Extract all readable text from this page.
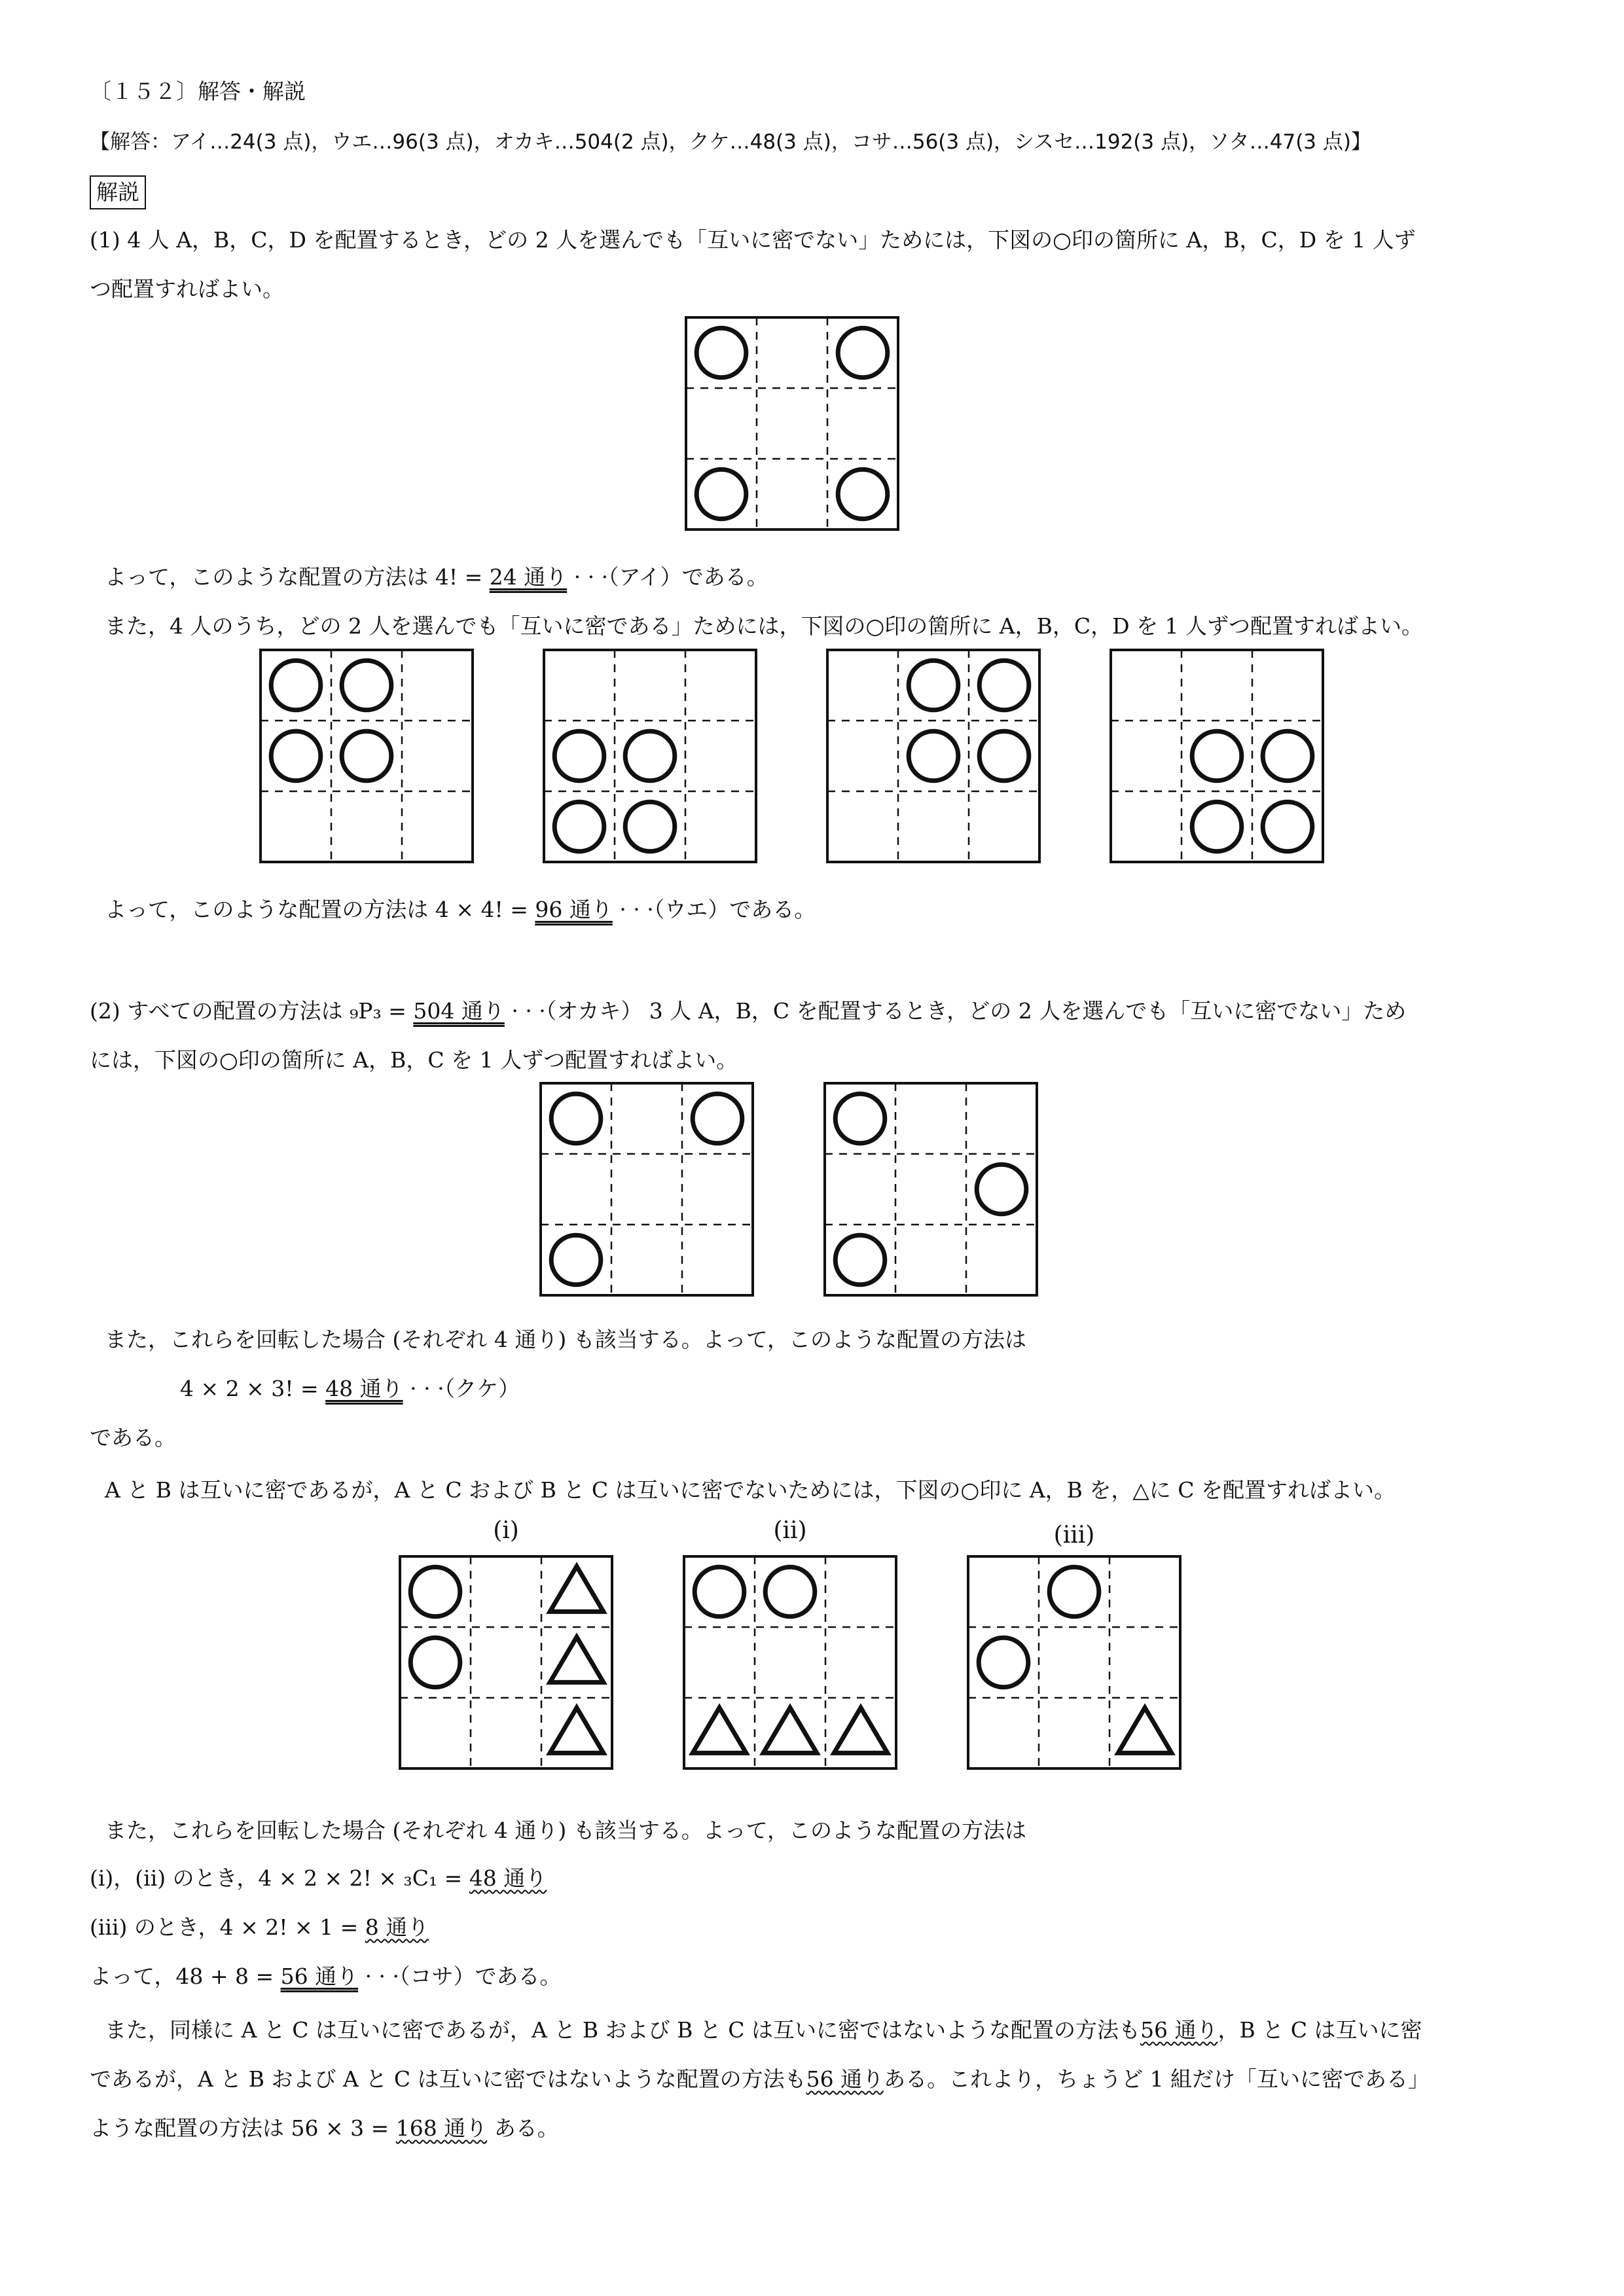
〔１５２〕解答・解説
【解答：アイ…24(3 点)，ウエ…96(3 点)，オカキ…504(2 点)，クケ…48(3 点)，コサ…56(3 点)，シスセ…192(3 点)，ソタ…47(3 点)】
解説
(1) 4 人 A，B，C，D を配置するとき，どの 2 人を選んでも「互いに密でない」ためには，下図の○印の箇所に A，B，C，D を 1 人ず
つ配置すればよい。
よって，このような配置の方法は 4! = 24 通り · · ·（アイ）である。
また，4 人のうち，どの 2 人を選んでも「互いに密である」ためには，下図の○印の箇所に A，B，C，D を 1 人ずつ配置すればよい。
よって，このような配置の方法は 4 × 4! = 96 通り · · ·（ウエ）である。
(2) すべての配置の方法は ₉P₃ = 504 通り · · ·（オカキ） 3 人 A，B，C を配置するとき，どの 2 人を選んでも「互いに密でない」ため
には，下図の○印の箇所に A，B，C を 1 人ずつ配置すればよい。
また，これらを回転した場合 (それぞれ 4 通り) も該当する。よって，このような配置の方法は
4 × 2 × 3! = 48 通り · · ·（クケ）
である。
A と B は互いに密であるが，A と C および B と C は互いに密でないためには，下図の○印に A，B を，△に C を配置すればよい。
(i)	(ii)	(iii)
また，これらを回転した場合 (それぞれ 4 通り) も該当する。よって，このような配置の方法は
(i)，(ii) のとき，4 × 2 × 2! × ₃C₁ = 48 通り
(iii) のとき，4 × 2! × 1 = 8 通り
よって，48 + 8 = 56 通り · · ·（コサ）である。
また，同様に A と C は互いに密であるが，A と B および B と C は互いに密ではないような配置の方法も56 通り，B と C は互いに密
であるが，A と B および A と C は互いに密ではないような配置の方法も56 通りある。これより，ちょうど 1 組だけ「互いに密である」
ような配置の方法は 56 × 3 = 168 通り ある。
